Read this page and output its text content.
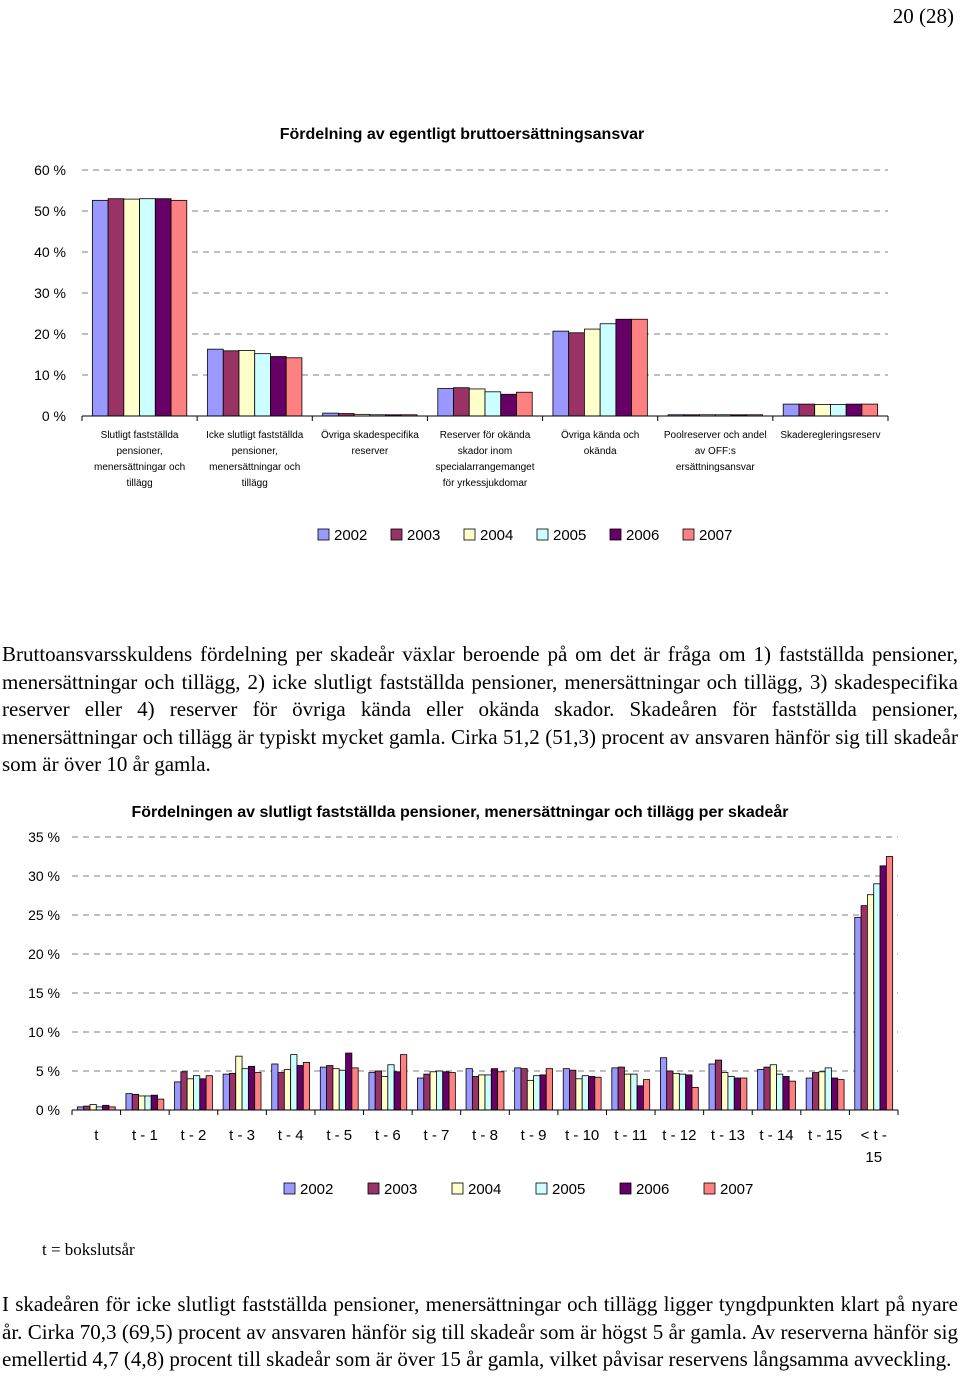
20 (28)
Fördelning av egentligt bruttoersättningsansvar
0 %
10 %
20 %
30 %
40 %
50 %
60 %
Slutligt fastställda pensioner, menersättningar och tillägg
Icke slutligt fastställda pensioner, menersättningar och tillägg
Övriga skadespecifika reserver
Reserver för okända skador inom specialarrangemanget för yrkessjukdomar
Övriga kända och okända
Poolreserver och andel av OFF:s ersättningsansvar
Skaderegleringsreserv
2002	2003	2004	2005	2006	2007

Bruttoansvarsskuldens fördelning per skadeår växlar beroende på om det är fråga om 1) fastställda pensioner, menersättningar och tillägg, 2) icke slutligt fastställda pensioner, menersättningar och tillägg, 3) skadespecifika reserver eller 4) reserver för övriga kända eller okända skador. Skadeåren för fastställda pensioner, menersättningar och tillägg är typiskt mycket gamla. Cirka 51,2 (51,3) procent av ansvaren hänför sig till skadeår som är över 10 år gamla.

Fördelningen av slutligt fastställda pensioner, menersättningar och tillägg per skadeår
0 %
5 %
10 %
15 %
20 %
25 %
30 %
35 %
t t - 1 t - 2 t - 3 t - 4 t - 5 t - 6 t - 7 t - 8 t - 9 t - 10 t - 11 t - 12 t - 13 t - 14 t - 15 < t -15
2002	2003	2004	2005	2006	2007
t = bokslutsår

I skadeåren för icke slutligt fastställda pensioner, menersättningar och tillägg ligger tyngdpunkten klart på nyare år. Cirka 70,3 (69,5) procent av ansvaren hänför sig till skadeår som är högst 5 år gamla. Av reserverna hänför sig emellertid 4,7 (4,8) procent till skadeår som är över 15 år gamla, vilket påvisar reservens långsamma avveckling.
